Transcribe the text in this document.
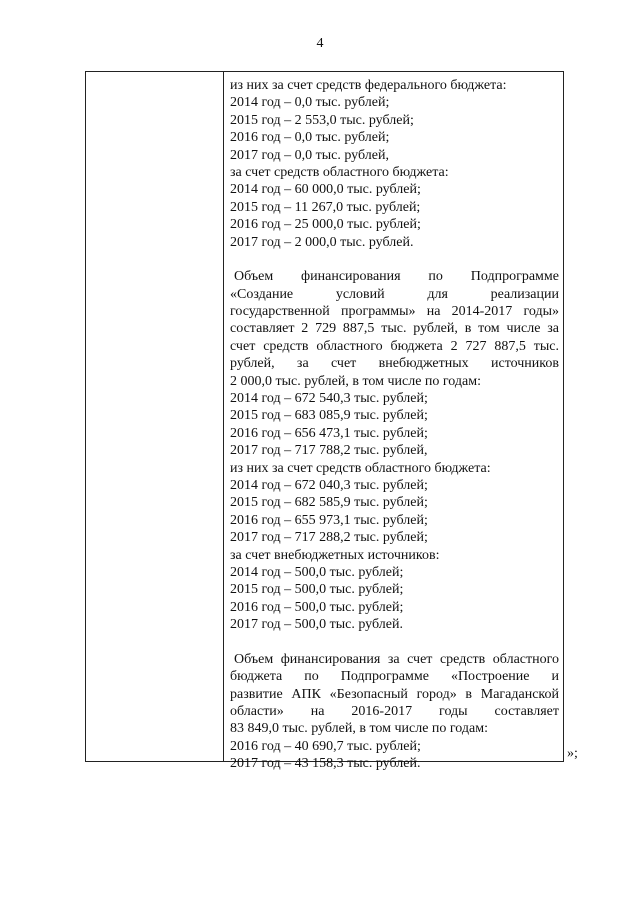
4
из них за счет средств федерального бюджета:
2014 год – 0,0 тыс. рублей;
2015 год – 2 553,0 тыс. рублей;
2016 год – 0,0 тыс. рублей;
2017 год – 0,0 тыс. рублей,
за счет средств областного бюджета:
2014 год – 60 000,0 тыс. рублей;
2015 год – 11 267,0 тыс. рублей;
2016 год – 25 000,0 тыс. рублей;
2017 год – 2 000,0 тыс. рублей.
Объем финансирования по Подпрограмме
«Создание условий для реализации
государственной программы» на 2014-2017 годы»
составляет 2 729 887,5 тыс. рублей, в том числе за
счет средств областного бюджета 2 727 887,5 тыс.
рублей, за счет внебюджетных источников
2 000,0 тыс. рублей, в том числе по годам:
2014 год – 672 540,3 тыс. рублей;
2015 год – 683 085,9 тыс. рублей;
2016 год – 656 473,1 тыс. рублей;
2017 год – 717 788,2 тыс. рублей,
из них за счет средств областного бюджета:
2014 год – 672 040,3 тыс. рублей;
2015 год – 682 585,9 тыс. рублей;
2016 год – 655 973,1 тыс. рублей;
2017 год – 717 288,2 тыс. рублей;
за счет внебюджетных источников:
2014 год – 500,0 тыс. рублей;
2015 год – 500,0 тыс. рублей;
2016 год – 500,0 тыс. рублей;
2017 год – 500,0 тыс. рублей.
Объем финансирования за счет средств областного
бюджета по Подпрограмме «Построение и
развитие АПК «Безопасный город» в Магаданской
области» на 2016-2017 годы составляет
83 849,0 тыс. рублей, в том числе по годам:
2016 год – 40 690,7 тыс. рублей;
2017 год – 43 158,3 тыс. рублей.
»;
